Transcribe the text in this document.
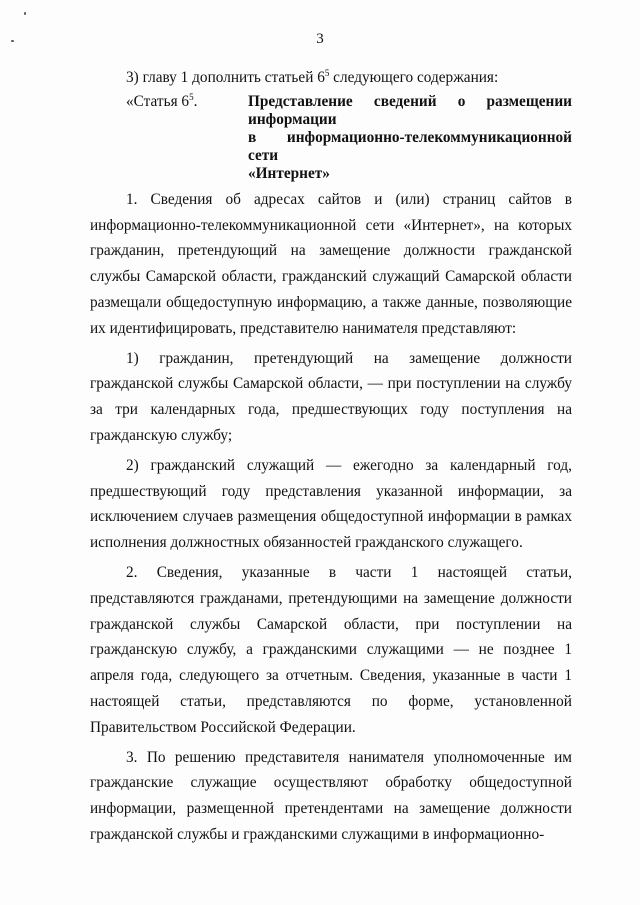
3

3) главу 1 дополнить статьей $6^5$ следующего содержания:

«Статья $6^5$.	Представление сведений о размещении информации
в информационно-телекоммуникационной сети
«Интернет»

1. Сведения об адресах сайтов и (или) страниц сайтов в информационно-телекоммуникационной сети «Интернет», на которых гражданин, претендующий на замещение должности гражданской службы Самарской области, гражданский служащий Самарской области размещали общедоступную информацию, а также данные, позволяющие их идентифицировать, представителю нанимателя представляют:

1) гражданин, претендующий на замещение должности гражданской службы Самарской области, — при поступлении на службу за три календарных года, предшествующих году поступления на гражданскую службу;

2) гражданский служащий — ежегодно за календарный год, предшествующий году представления указанной информации, за исключением случаев размещения общедоступной информации в рамках исполнения должностных обязанностей гражданского служащего.

2. Сведения, указанные в части 1 настоящей статьи, представляются гражданами, претендующими на замещение должности гражданской службы Самарской области, при поступлении на гражданскую службу, а гражданскими служащими — не позднее 1 апреля года, следующего за отчетным. Сведения, указанные в части 1 настоящей статьи, представляются по форме, установленной Правительством Российской Федерации.

3. По решению представителя нанимателя уполномоченные им гражданские служащие осуществляют обработку общедоступной информации, размещенной претендентами на замещение должности гражданской службы и гражданскими служащими в информационно-
